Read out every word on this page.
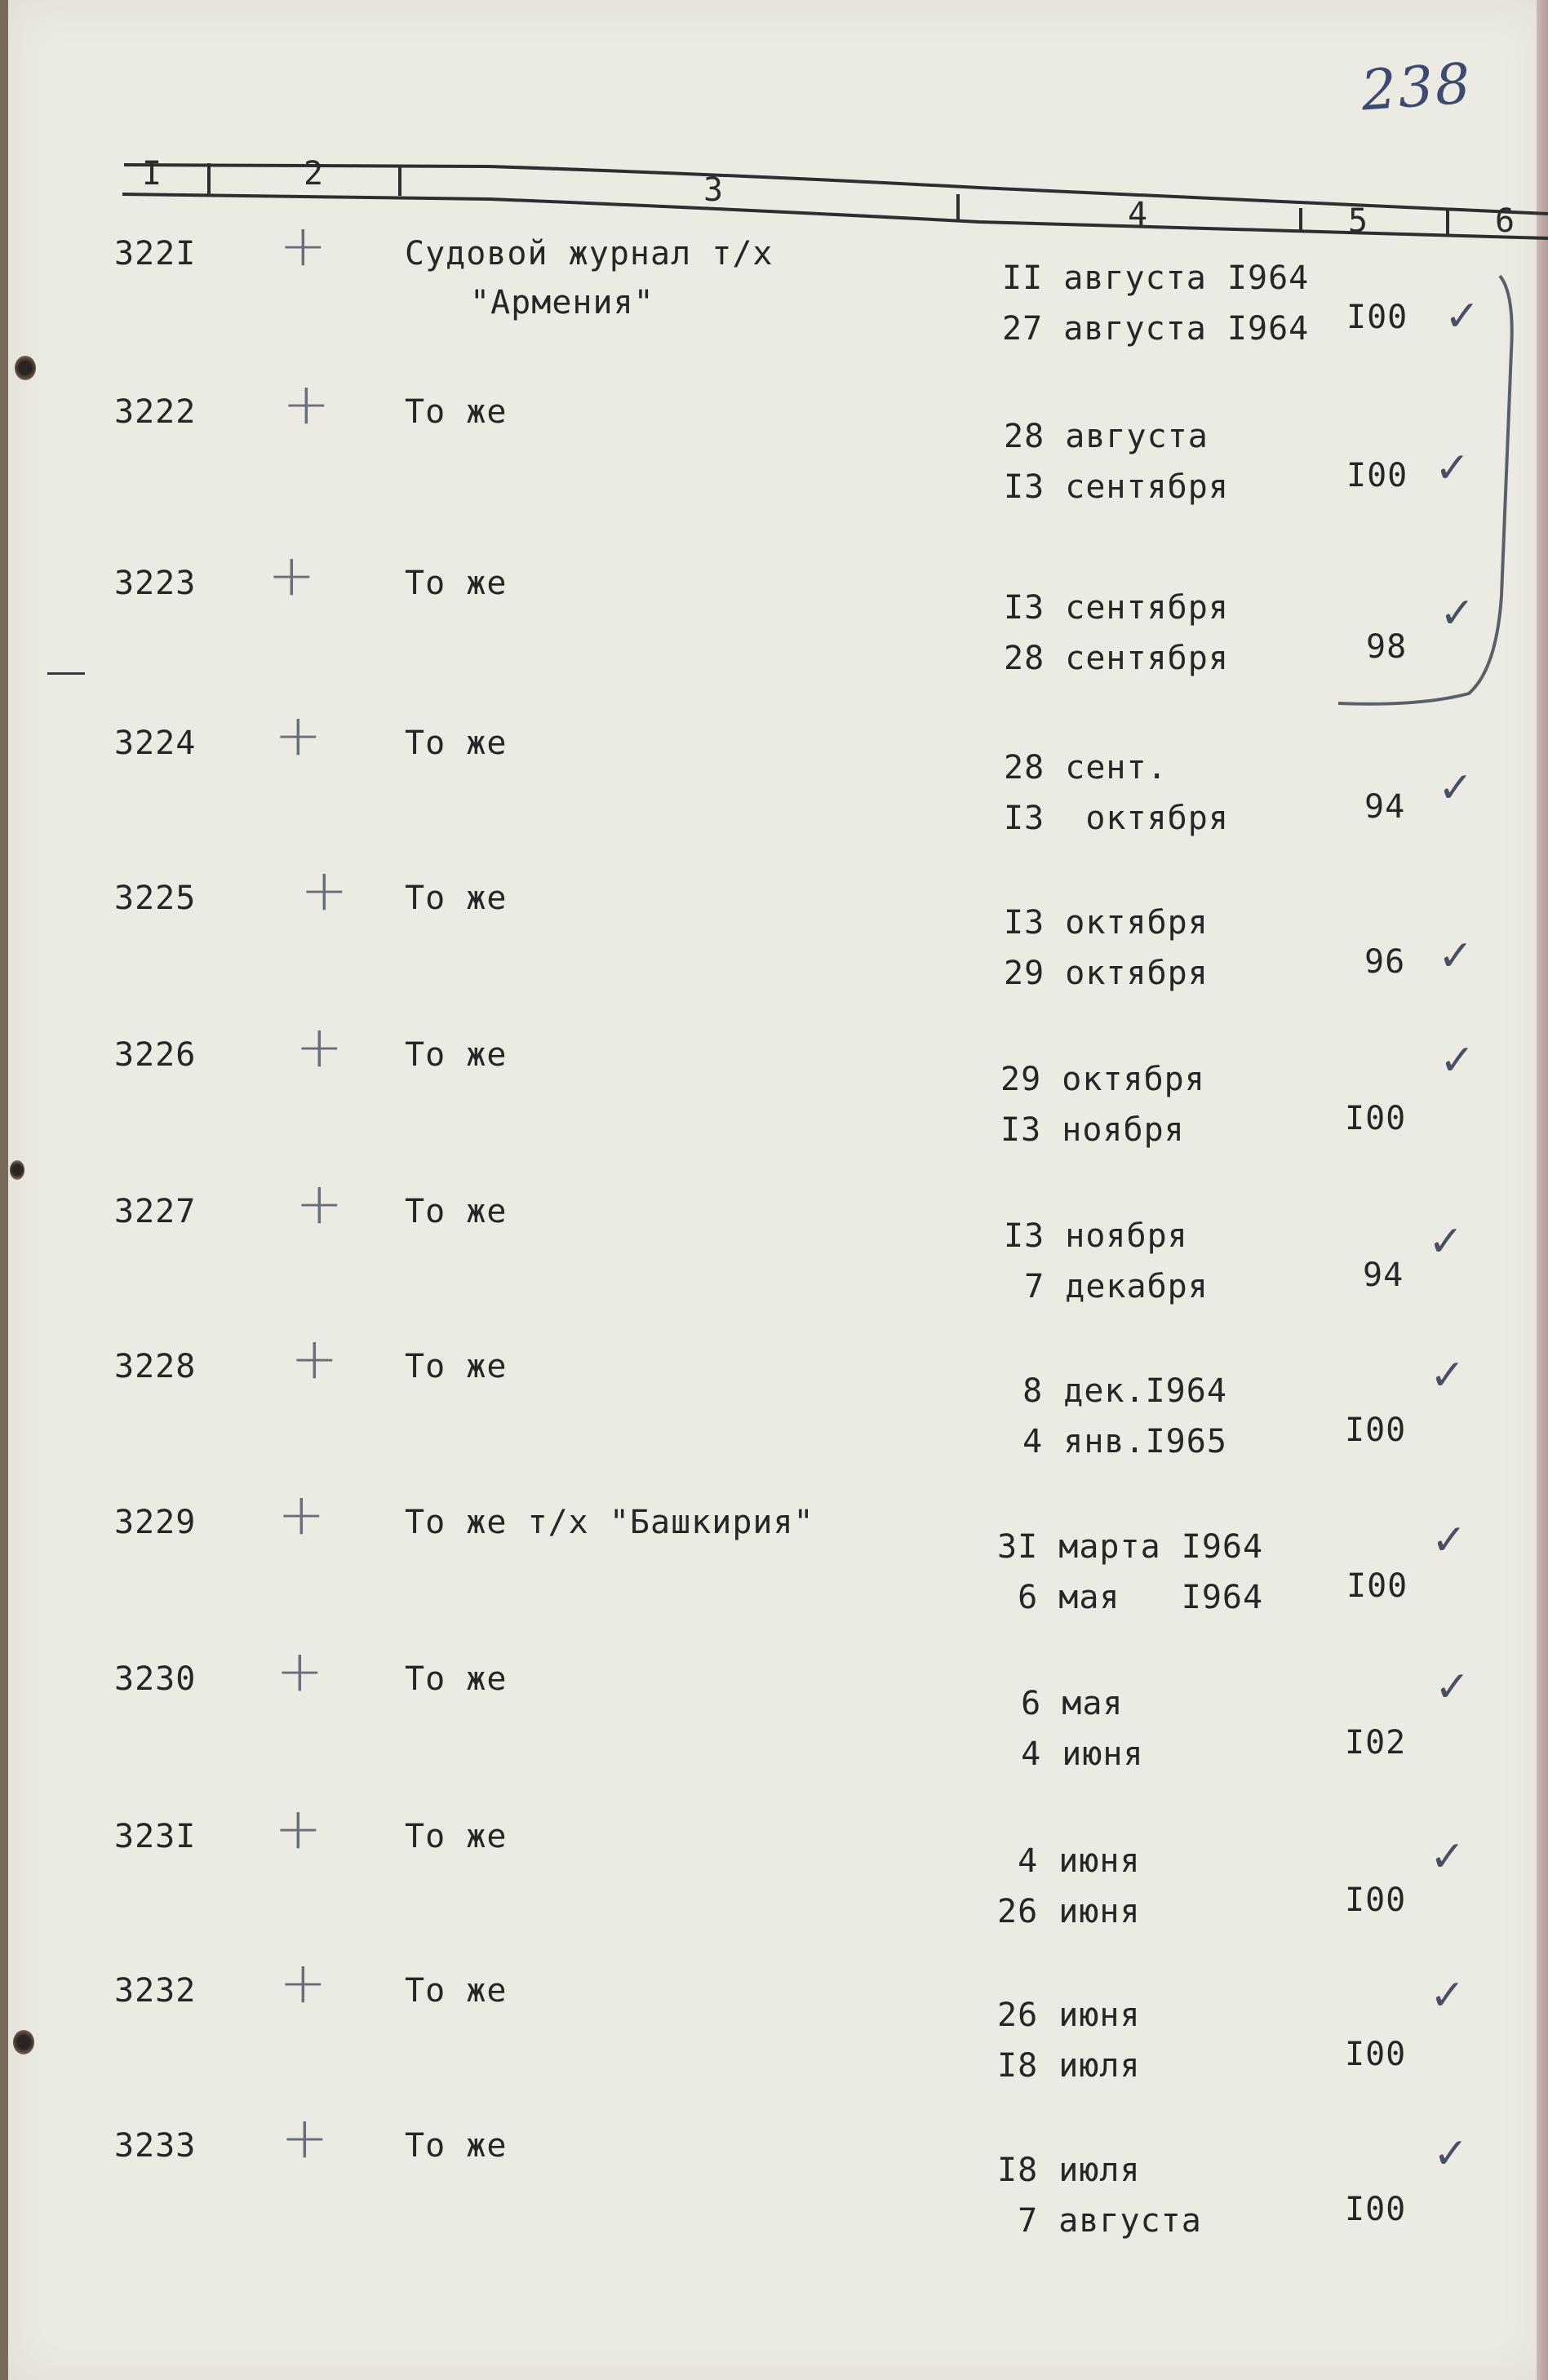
238
I	2	3
4	5	6
322I + Судовой журнал т/х
"Армения"
II августа I964
27 августа I964 I00 ✓
3222 + То же
28 августа
I3 сентября	I00 ✓
3223 +	То же
I3 сентября
28 сентября	98
✓
3224 +	То же
28 сент.
I3  октября	94 ✓
3225 + То же
I3 октября
29 октября	96 ✓
3226 + То же
29 октября
I3 ноября	I00
✓
3227 + То же
I3 ноября
7 декабря	94
✓
3228 + То же
8 дек.I964
4 янв.I965	I00
✓
3229 + То же т/х "Башкирия"
3I марта I964
6 мая   I964	I00
✓
3230 + То же
6 мая
4 июня	I02
✓
323I +	То же
4 июня
26 июня	I00
✓
3232 + То же
26 июня
I8 июля	I00
✓
3233 + То же
I8 июля
7 августа	I00
✓
